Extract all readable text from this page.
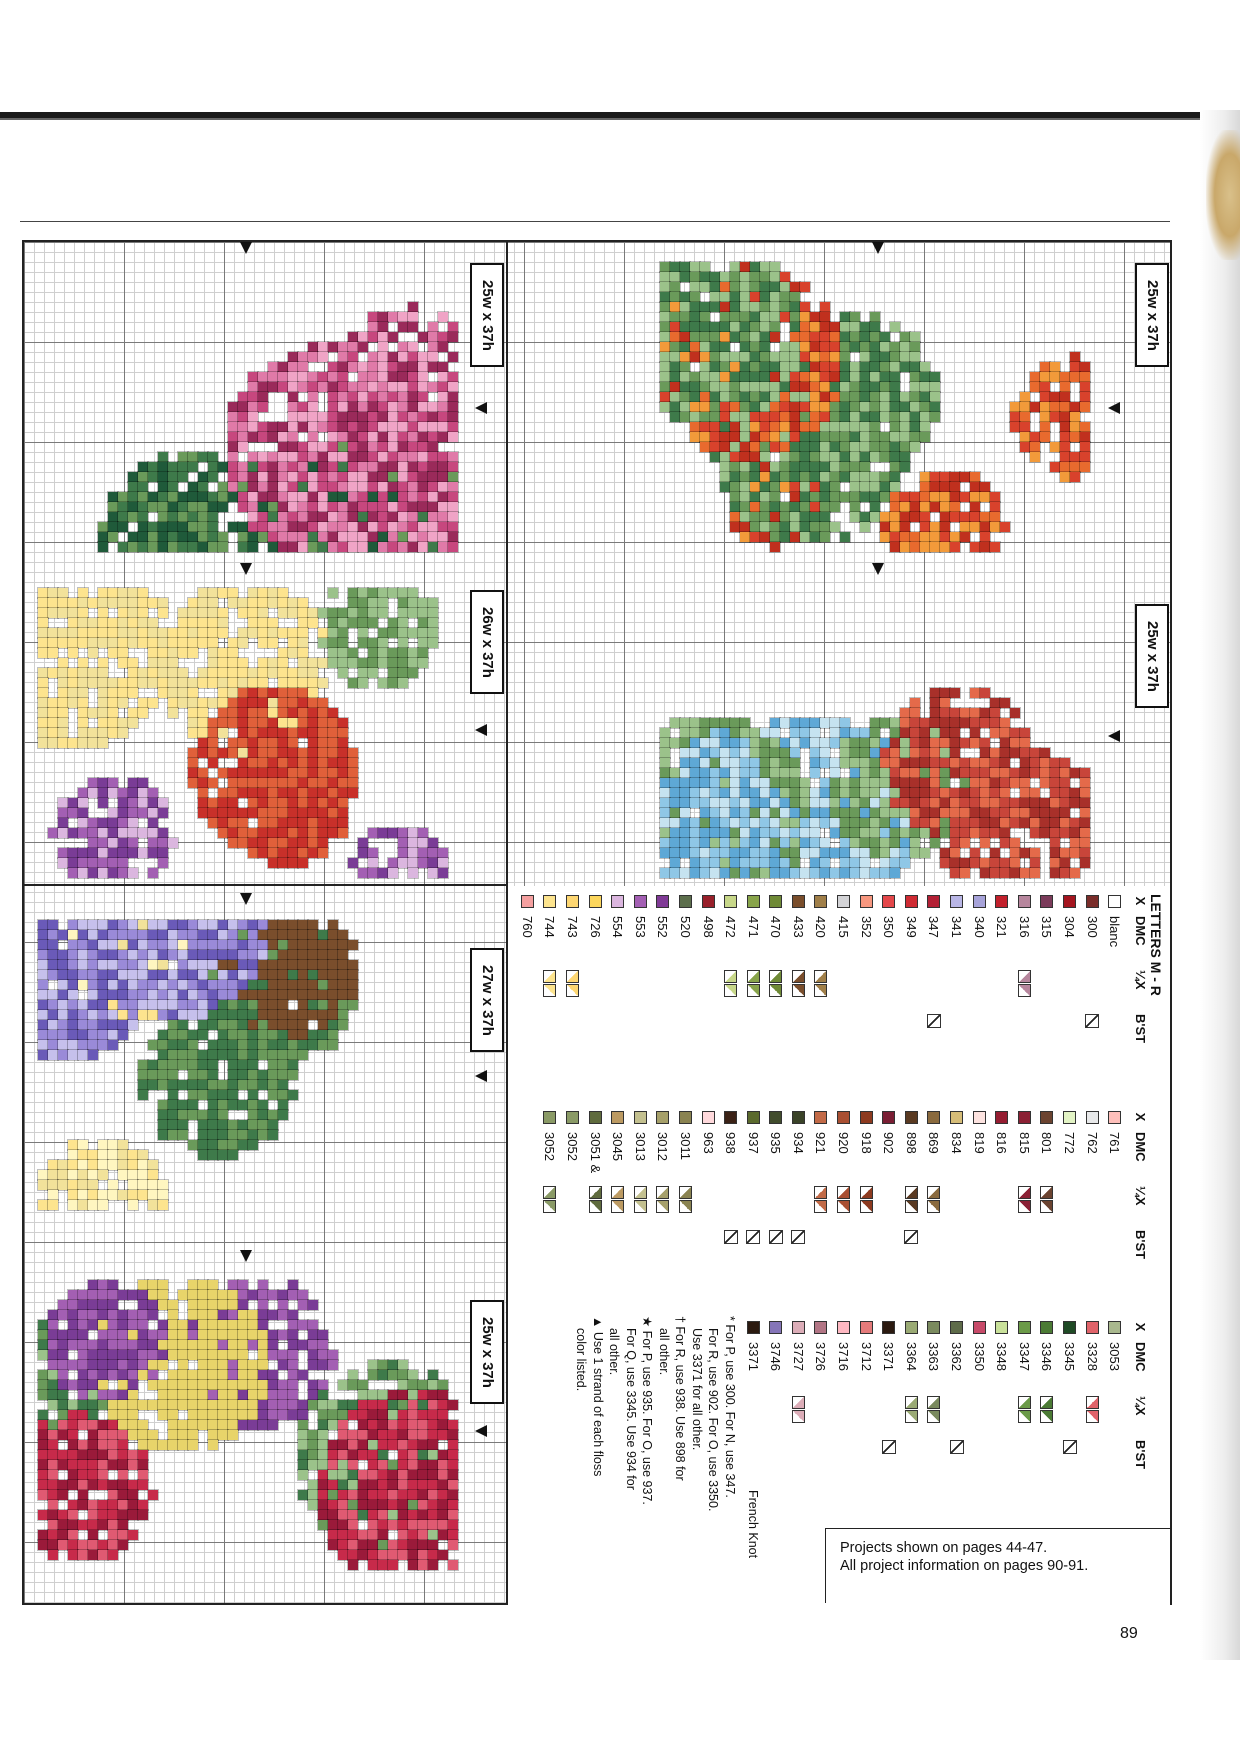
25w x 37h
25w x 37h
25w x 37h
26w x 37h
27w x 37h
25w x 37h
LETTERS M - R
X
DMC
¼X
B'ST
blanc
300
304
315
316
321
340
341
347
349
350
352
415
420
433
470
471
472
498
520
552
553
554
726
743
744
760
X
DMC
¼X
B'ST
761
762
772
801
815
816
819
834
869
898
902
918
920
921
934
935
937
938
963
3011
3012
3013
3045
3051 &
3052
3052
X
DMC
¼X
B'ST
3053
3328
3345
3346
3347
3348
3350
3362
3363
3364
3371
3712
3716
3726
3727
3746
3371
French Knot
* For P, use 300. For N, use 347.
For R, use 902. For O, use 3350.
Use 3371 for all other.
† For R, use 938. Use 898 for
all other.
★ For P, use 935. For O, use 937.
For Q, use 3345. Use 934 for
all other.
▲ Use 1 strand of each floss
color listed.
Projects shown on pages 44-47.
All project information on pages 90-91.
89
